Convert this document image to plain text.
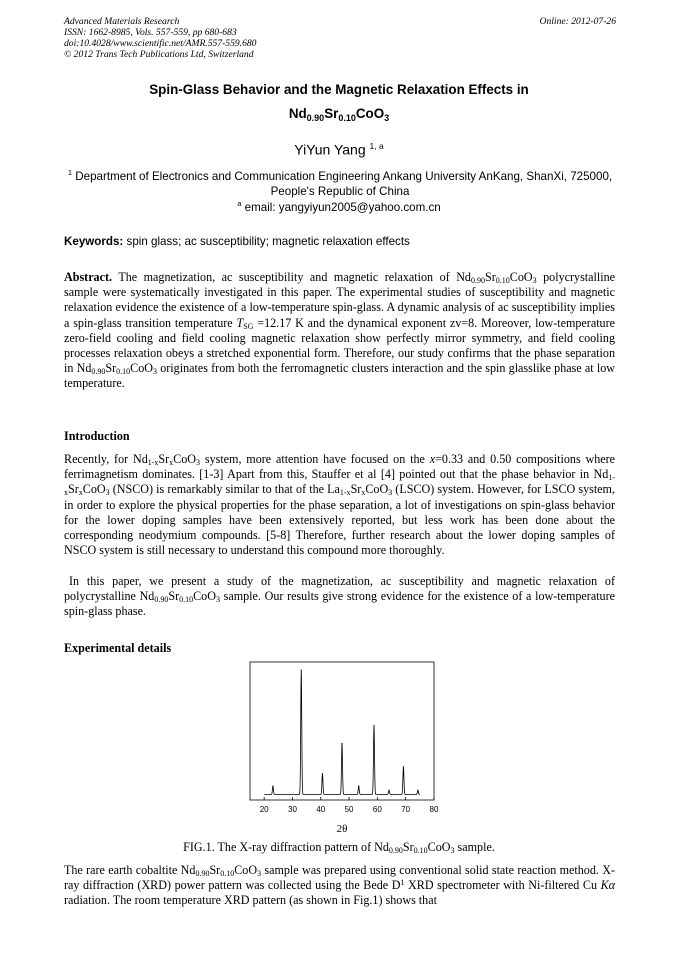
Advanced Materials Research
ISSN: 1662-8985, Vols. 557-559, pp 680-683
doi:10.4028/www.scientific.net/AMR.557-559.680
© 2012 Trans Tech Publications Ltd, Switzerland
Online: 2012-07-26
Spin-Glass Behavior and the Magnetic Relaxation Effects in
$Nd_{0.90}Sr_{0.10}CoO_3$
YiYun Yang $^{1, a}$
$^1$ Department of Electronics and Communication Engineering Ankang University AnKang, ShanXi, 725000, People's Republic of China
$^a$ email: yangyiyun2005@yahoo.com.cn
Keywords: spin glass; ac susceptibility; magnetic relaxation effects
Abstract. The magnetization, ac susceptibility and magnetic relaxation of $Nd_{0.90}Sr_{0.10}CoO_3$ polycrystalline sample were systematically investigated in this paper. The experimental studies of susceptibility and magnetic relaxation evidence the existence of a low-temperature spin-glass. A dynamic analysis of ac susceptibility implies a spin-glass transition temperature $T_{SG} =12.17$ K and the dynamical exponent zv=8. Moreover, low-temperature zero-field cooling and field cooling magnetic relaxation show perfectly mirror symmetry, and field cooling processes relaxation obeys a stretched exponential form. Therefore, our study confirms that the phase separation in $Nd_{0.90}Sr_{0.10}CoO_3$ originates from both the ferromagnetic clusters interaction and the spin glasslike phase at low temperature.
Introduction
Recently, for $Nd_{1-x}Sr_xCoO_3$ system, more attention have focused on the x=0.33 and 0.50 compositions where ferrimagnetism dominates. [1-3] Apart from this, Stauffer et al [4] pointed out that the phase behavior in $Nd_{1-x}Sr_xCoO_3$ (NSCO) is remarkably similar to that of the $La_{1-x}Sr_xCoO_3$ (LSCO) system. However, for LSCO system, in order to explore the physical properties for the phase separation, a lot of investigations on spin-glass behavior for the lower doping samples have been extensively reported, but less work has been done about the corresponding neodymium compounds. [5-8] Therefore, further research about the lower doping samples of NSCO system is still necessary to understand this compound more thoroughly.
In this paper, we present a study of the magnetization, ac susceptibility and magnetic relaxation of polycrystalline $Nd_{0.90}Sr_{0.10}CoO_3$ sample. Our results give strong evidence for the existence of a low-temperature spin-glass phase.
Experimental details
20 30 40 50 60 70 80
2θ
FIG.1. The X-ray diffraction pattern of $Nd_{0.90}Sr_{0.10}CoO_3$ sample.
The rare earth cobaltite $Nd_{0.90}Sr_{0.10}CoO_3$ sample was prepared using conventional solid state reaction method. X-ray diffraction (XRD) power pattern was collected using the Bede $D^1$ XRD spectrometer with Ni-filtered Cu Kα radiation. The room temperature XRD pattern (as shown in Fig.1) shows that
